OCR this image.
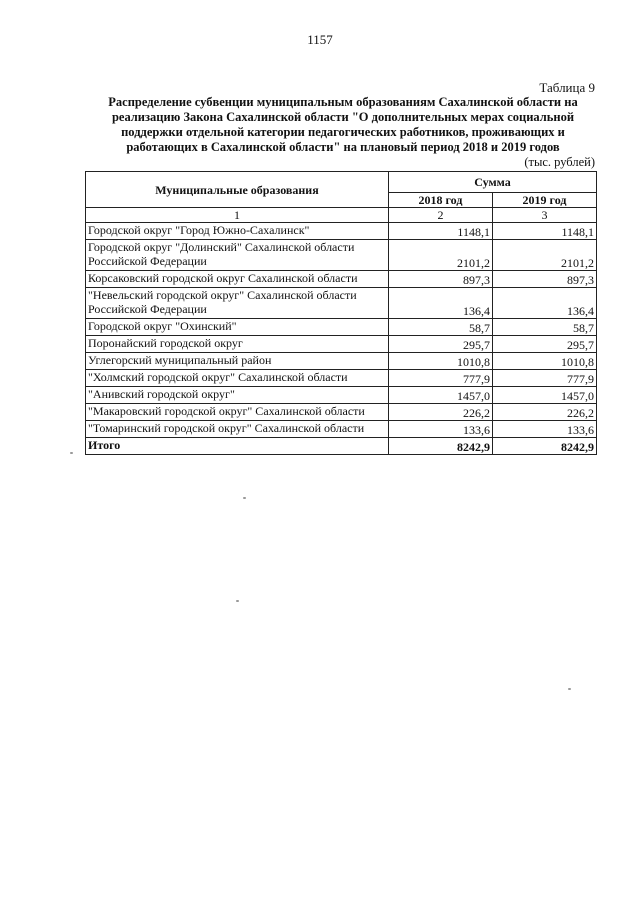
1157
Таблица 9
Распределение субвенции муниципальным образованиям Сахалинской области на
реализацию Закона Сахалинской области "О дополнительных мерах социальной
поддержки отдельной категории педагогических работников, проживающих и
работающих в Сахалинской области" на плановый период 2018 и 2019 годов
(тыс. рублей)
Муниципальные образования	Сумма	
	2018 год	2019 год
1	2	3
Городской округ "Город Южно-Сахалинск"	1148,1	1148,1
Городской округ "Долинский" Сахалинской области Российской Федерации	2101,2	2101,2
Корсаковский городской округ Сахалинской области	897,3	897,3
"Невельский городской округ" Сахалинской области Российской Федерации	136,4	136,4
Городской округ "Охинский"	58,7	58,7
Поронайский городской округ	295,7	295,7
Углегорский муниципальный район	1010,8	1010,8
"Холмский городской округ" Сахалинской области	777,9	777,9
"Анивский городской округ"	1457,0	1457,0
"Макаровский городской округ" Сахалинской области	226,2	226,2
"Томаринский городской округ" Сахалинской области	133,6	133,6
Итого	8242,9	8242,9
